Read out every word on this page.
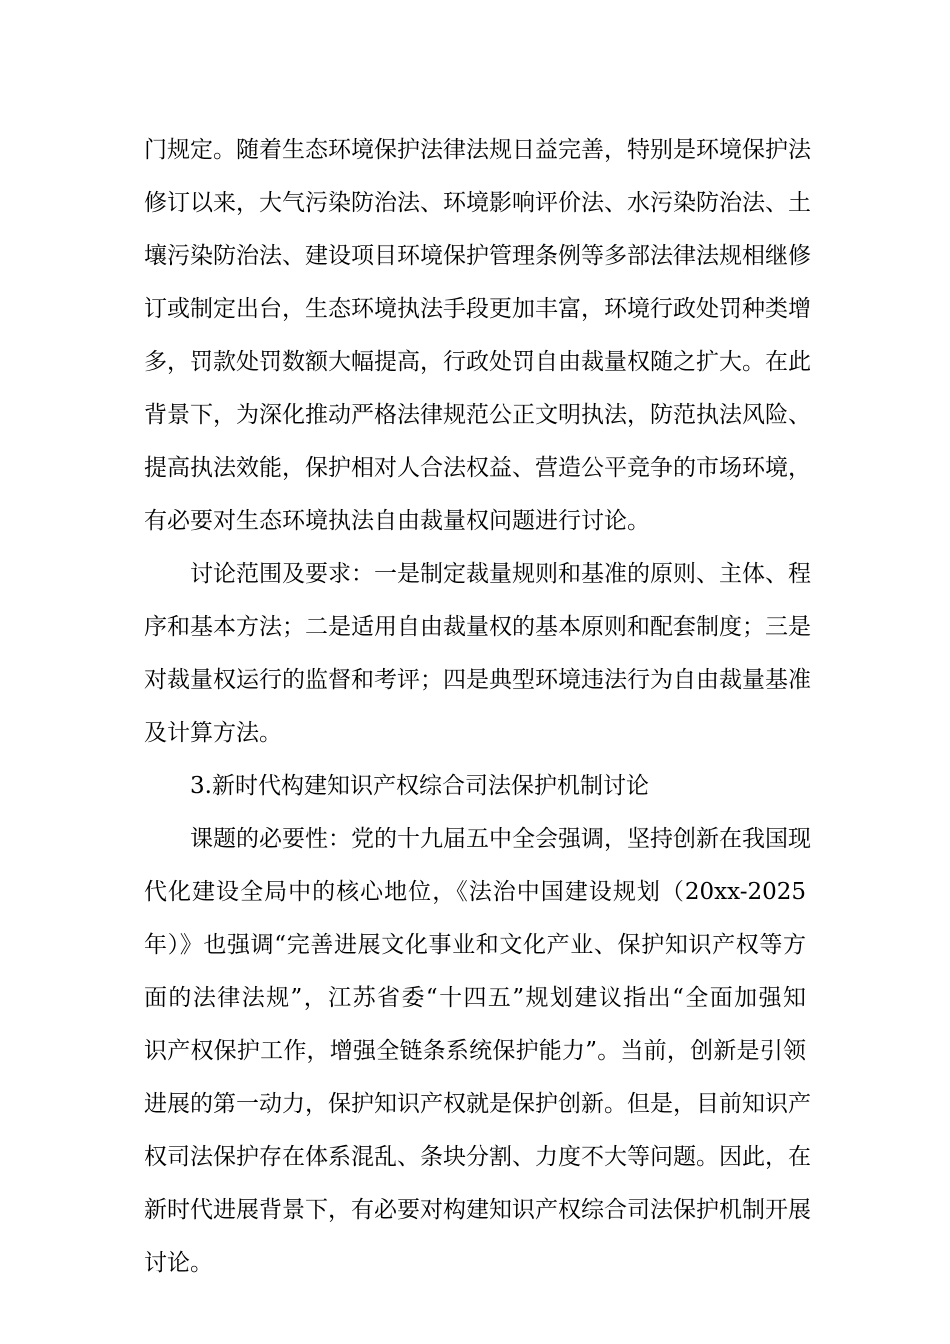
门规定。随着生态环境保护法律法规日益完善，特别是环境保护法
修订以来，大气污染防治法、环境影响评价法、水污染防治法、土
壤污染防治法、建设项目环境保护管理条例等多部法律法规相继修
订或制定出台，生态环境执法手段更加丰富，环境行政处罚种类增
多，罚款处罚数额大幅提高，行政处罚自由裁量权随之扩大。在此
背景下，为深化推动严格法律规范公正文明执法，防范执法风险、
提高执法效能，保护相对人合法权益、营造公平竞争的市场环境，
有必要对生态环境执法自由裁量权问题进行讨论。
讨论范围及要求：一是制定裁量规则和基准的原则、主体、程
序和基本方法；二是适用自由裁量权的基本原则和配套制度；三是
对裁量权运行的监督和考评；四是典型环境违法行为自由裁量基准
及计算方法。
3.新时代构建知识产权综合司法保护机制讨论
课题的必要性：党的十九届五中全会强调，坚持创新在我国现
代化建设全局中的核心地位，《法治中国建设规划（20xx-2025
年）》也强调“完善进展文化事业和文化产业、保护知识产权等方
面的法律法规”，江苏省委“十四五”规划建议指出“全面加强知
识产权保护工作，增强全链条系统保护能力”。当前，创新是引领
进展的第一动力，保护知识产权就是保护创新。但是，目前知识产
权司法保护存在体系混乱、条块分割、力度不大等问题。因此，在
新时代进展背景下，有必要对构建知识产权综合司法保护机制开展
讨论。
